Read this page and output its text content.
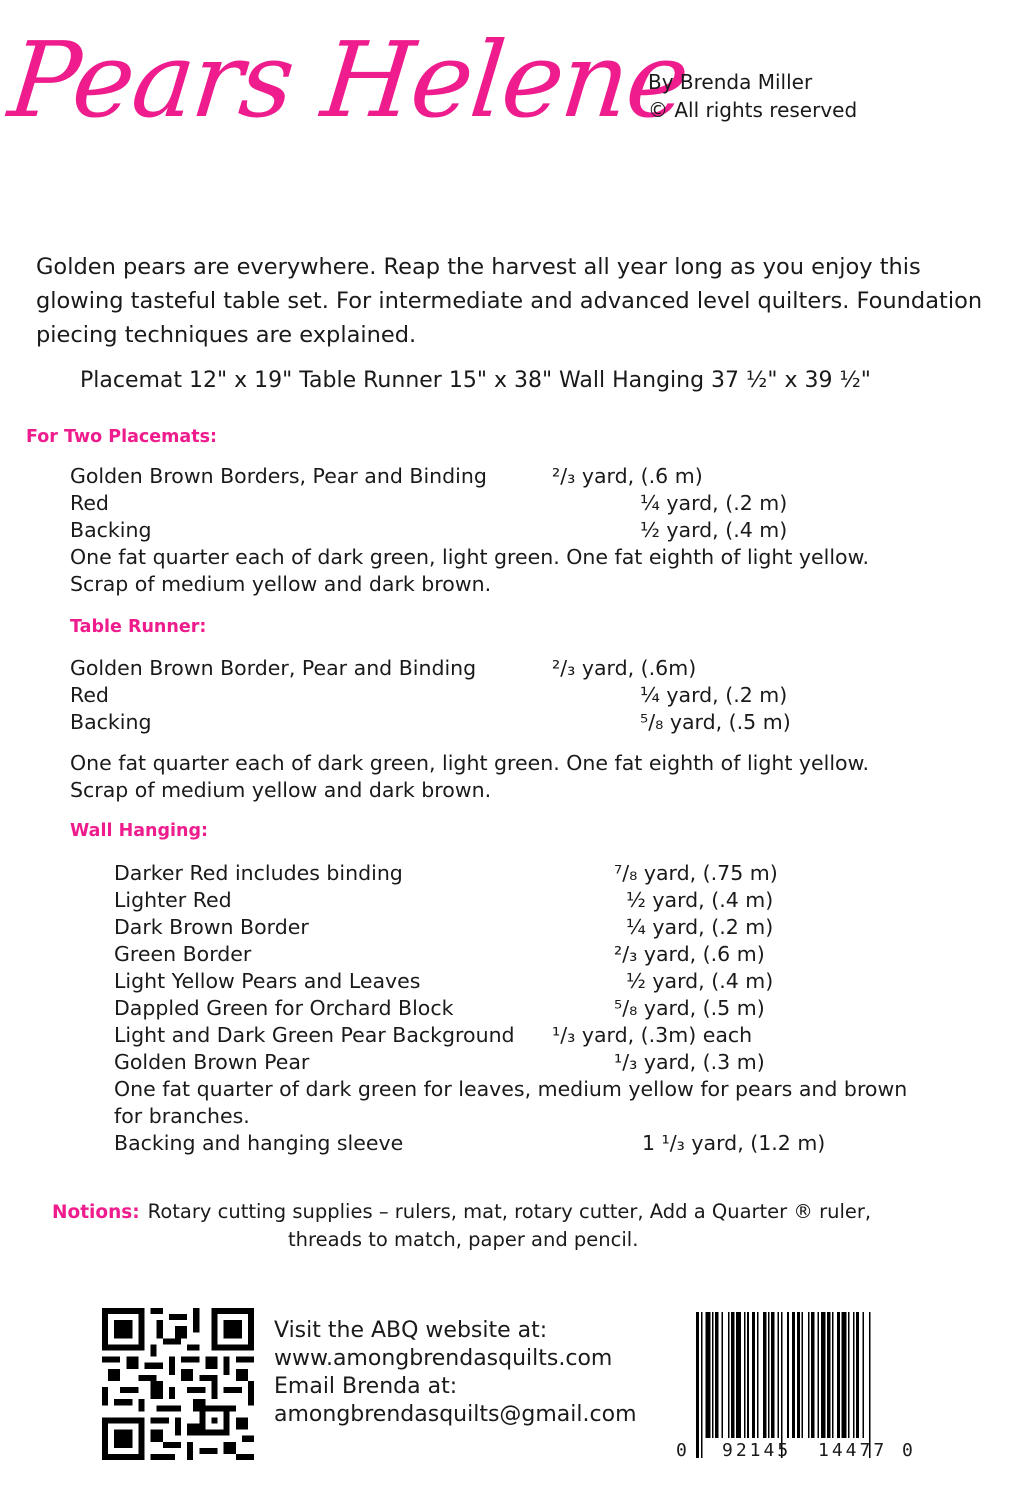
Pears Helene
By Brenda Miller
© All rights reserved
Golden pears are everywhere. Reap the harvest all year long as you enjoy this glowing tasteful table set. For intermediate and advanced level quilters. Foundation piecing techniques are explained.
Placemat 12" x 19" Table Runner 15" x 38" Wall Hanging 37 ½" x 39 ½"
For Two Placemats:
Golden Brown Borders, Pear and Binding	²/₃ yard, (.6 m)
Red	¼ yard, (.2 m)
Backing	½ yard, (.4 m)
One fat quarter each of dark green, light green. One fat eighth of light yellow.
Scrap of medium yellow and dark brown.
Table Runner:
Golden Brown Border, Pear and Binding	²/₃ yard, (.6m)
Red	¼ yard, (.2 m)
Backing	⁵/₈ yard, (.5 m)
One fat quarter each of dark green, light green. One fat eighth of light yellow.
Scrap of medium yellow and dark brown.
Wall Hanging:
Darker Red includes binding	⁷/₈ yard, (.75 m)
Lighter Red	½ yard, (.4 m)
Dark Brown Border	¼ yard, (.2 m)
Green Border	²/₃ yard, (.6 m)
Light Yellow Pears and Leaves	½ yard, (.4 m)
Dappled Green for Orchard Block	⁵/₈ yard, (.5 m)
Light and Dark Green Pear Background ¹/₃ yard, (.3m) each
Golden Brown Pear	¹/₃ yard, (.3 m)
One fat quarter of dark green for leaves, medium yellow for pears and brown
for branches.
Backing and hanging sleeve	1 ¹/₃ yard, (1.2 m)
Notions: Rotary cutting supplies – rulers, mat, rotary cutter, Add a Quarter ® ruler,
threads to match, paper and pencil.
Visit the ABQ website at:
www.amongbrendasquilts.com
Email Brenda at:
amongbrendasquilts@gmail.com
0 92145 14477 0
